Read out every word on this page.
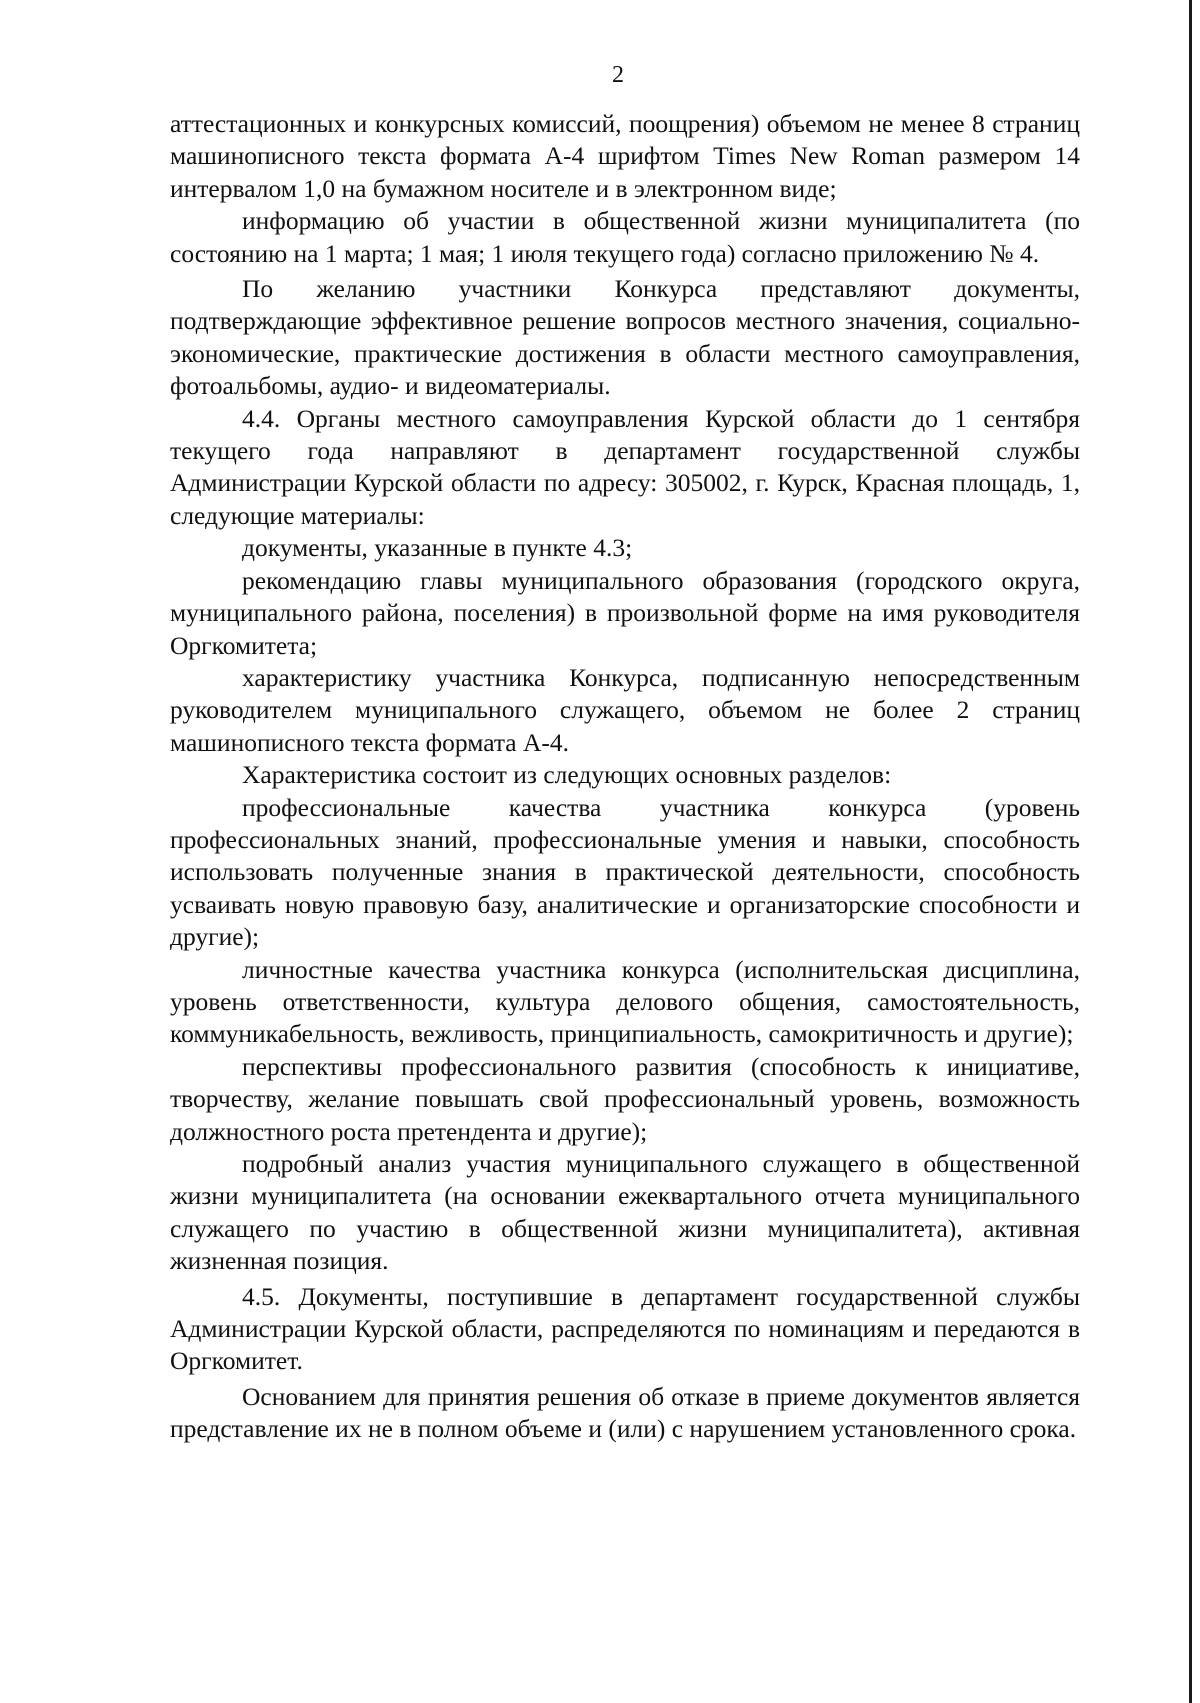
2

аттестационных и конкурсных комиссий, поощрения) объемом не менее 8 страниц машинописного текста формата А-4 шрифтом Times New Roman размером 14 интервалом 1,0 на бумажном носителе и в электронном виде;

информацию об участии в общественной жизни муниципалитета (по состоянию на 1 марта; 1 мая; 1 июля текущего года) согласно приложению № 4.

По желанию участники Конкурса представляют документы, подтверждающие эффективное решение вопросов местного значения, социально-экономические, практические достижения в области местного самоуправления, фотоальбомы, аудио- и видеоматериалы.

4.4. Органы местного самоуправления Курской области до 1 сентября текущего года направляют в департамент государственной службы Администрации Курской области по адресу: 305002, г. Курск, Красная площадь, 1, следующие материалы:

документы, указанные в пункте 4.3;

рекомендацию главы муниципального образования (городского округа, муниципального района, поселения) в произвольной форме на имя руководителя Оргкомитета;

характеристику участника Конкурса, подписанную непосредственным руководителем муниципального служащего, объемом не более 2 страниц машинописного текста формата А-4.

Характеристика состоит из следующих основных разделов:

профессиональные качества участника конкурса (уровень профессиональных знаний, профессиональные умения и навыки, способность использовать полученные знания в практической деятельности, способность усваивать новую правовую базу, аналитические и организаторские способности и другие);

личностные качества участника конкурса (исполнительская дисциплина, уровень ответственности, культура делового общения, самостоятельность, коммуникабельность, вежливость, принципиальность, самокритичность и другие);

перспективы профессионального развития (способность к инициативе, творчеству, желание повышать свой профессиональный уровень, возможность должностного роста претендента и другие);

подробный анализ участия муниципального служащего в общественной жизни муниципалитета (на основании ежеквартального отчета муниципального служащего по участию в общественной жизни муниципалитета), активная жизненная позиция.

4.5. Документы, поступившие в департамент государственной службы Администрации Курской области, распределяются по номинациям и передаются в Оргкомитет.

Основанием для принятия решения об отказе в приеме документов является представление их не в полном объеме и (или) с нарушением установленного срока.
